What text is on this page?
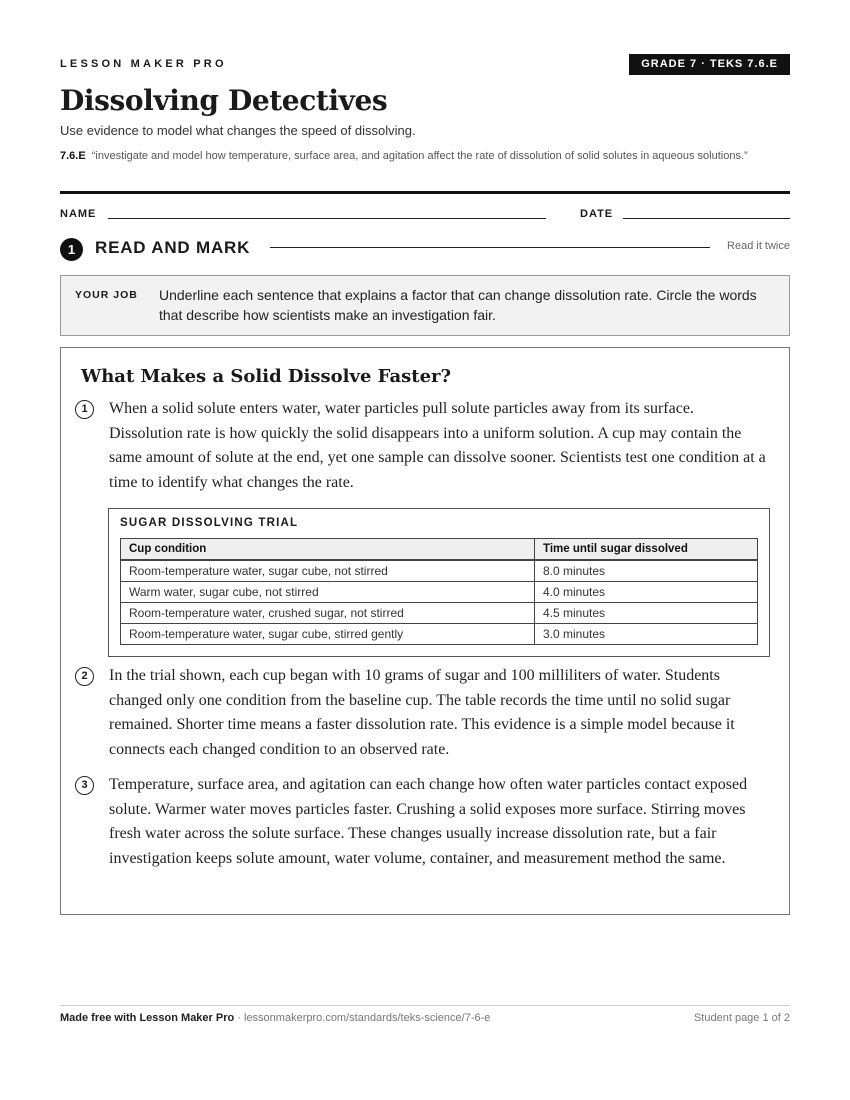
LESSON MAKER PRO	GRADE 7 · TEKS 7.6.E
Dissolving Detectives
Use evidence to model what changes the speed of dissolving.
7.6.E “investigate and model how temperature, surface area, and agitation affect the rate of dissolution of solid solutes in aqueous solutions.”
NAME	DATE
1	READ AND MARK	Read it twice
YOUR JOB Underline each sentence that explains a factor that can change dissolution rate. Circle the words that describe how scientists make an investigation fair.
What Makes a Solid Dissolve Faster?
1	When a solid solute enters water, water particles pull solute particles away from its surface. Dissolution rate is how quickly the solid disappears into a uniform solution. A cup may contain the same amount of solute at the end, yet one sample can dissolve sooner. Scientists test one condition at a time to identify what changes the rate.

SUGAR DISSOLVING TRIAL
Cup condition	Time until sugar dissolved
Room-temperature water, sugar cube, not stirred	8.0 minutes
Warm water, sugar cube, not stirred	4.0 minutes
Room-temperature water, crushed sugar, not stirred	4.5 minutes
Room-temperature water, sugar cube, stirred gently	3.0 minutes
2	In the trial shown, each cup began with 10 grams of sugar and 100 milliliters of water. Students changed only one condition from the baseline cup. The table records the time until no solid sugar remained. Shorter time means a faster dissolution rate. This evidence is a simple model because it connects each changed condition to an observed rate.

3	Temperature, surface area, and agitation can each change how often water particles contact exposed solute. Warmer water moves particles faster. Crushing a solid exposes more surface. Stirring moves fresh water across the solute surface. These changes usually increase dissolution rate, but a fair investigation keeps solute amount, water volume, container, and measurement method the same.

Made free with Lesson Maker Pro · lessonmakerpro.com/standards/teks-science/7-6-e	Student page 1 of 2
